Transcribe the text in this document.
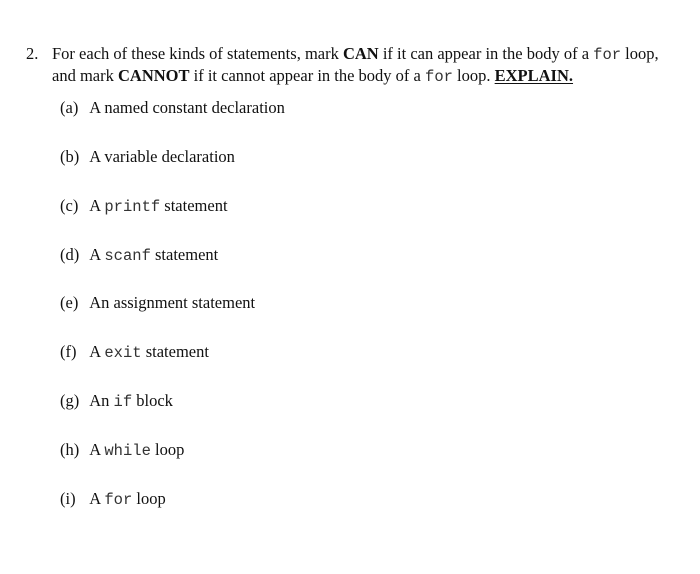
2. For each of these kinds of statements, mark CAN if it can appear in the body of a for loop,
and mark CANNOT if it cannot appear in the body of a for loop. EXPLAIN.
(a) A named constant declaration
(b) A variable declaration
(c) A printf statement
(d) A scanf statement
(e) An assignment statement
(f) A exit statement
(g) An if block
(h) A while loop
(i) A for loop
